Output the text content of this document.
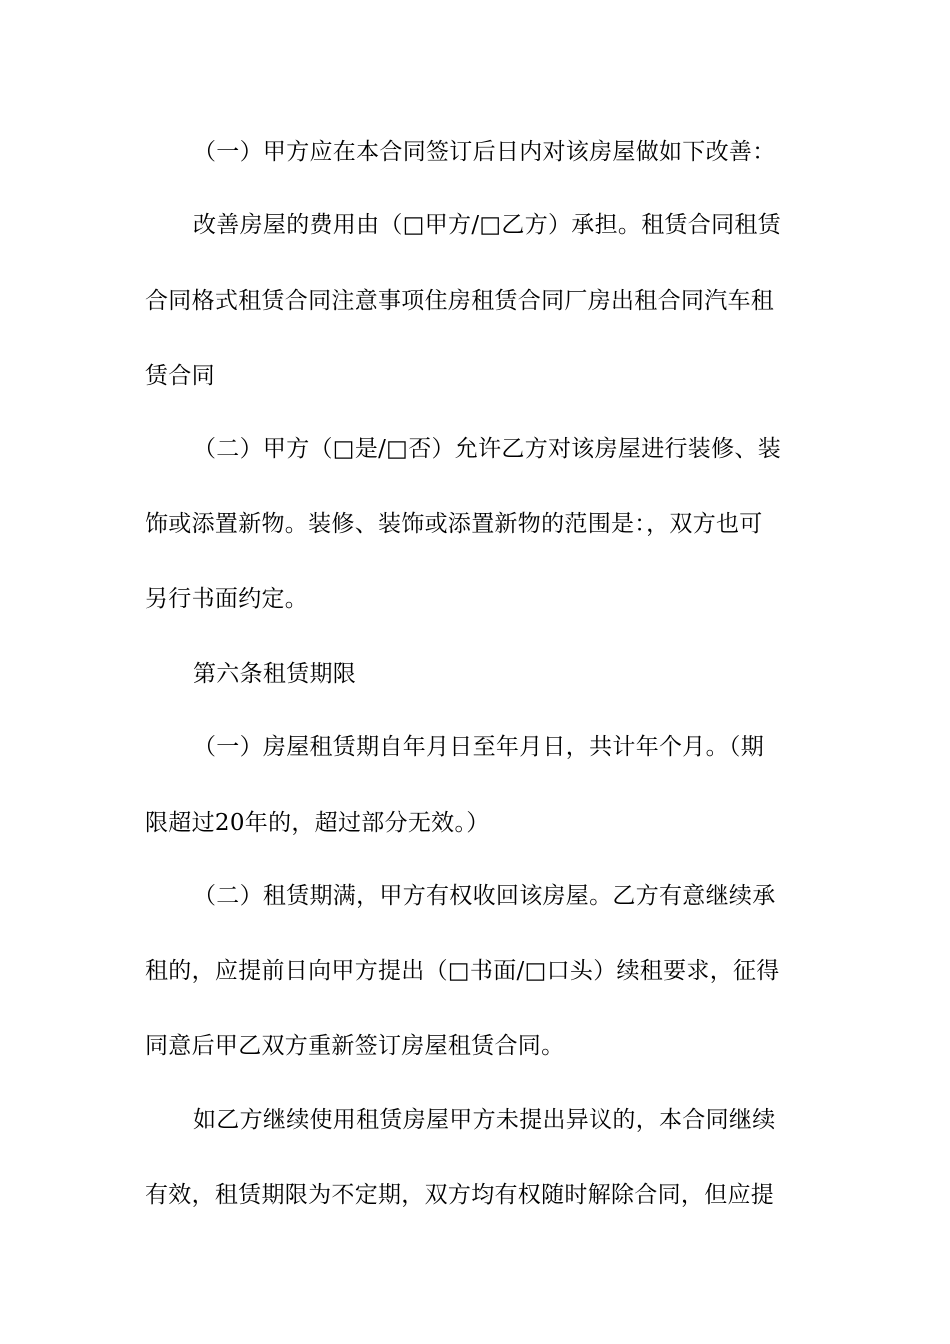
（一）甲方应在本合同签订后日内对该房屋做如下改善：
改善房屋的费用由（□甲方/□乙方）承担。租赁合同租赁
合同格式租赁合同注意事项住房租赁合同厂房出租合同汽车租
赁合同
（二）甲方（□是/□否）允许乙方对该房屋进行装修、装
饰或添置新物。装修、装饰或添置新物的范围是：，双方也可
另行书面约定。
第六条租赁期限
（一）房屋租赁期自年月日至年月日，共计年个月。（期
限超过20年的，超过部分无效。）
（二）租赁期满，甲方有权收回该房屋。乙方有意继续承
租的，应提前日向甲方提出（□书面/□口头）续租要求，征得
同意后甲乙双方重新签订房屋租赁合同。
如乙方继续使用租赁房屋甲方未提出异议的，本合同继续
有效，租赁期限为不定期，双方均有权随时解除合同，但应提
